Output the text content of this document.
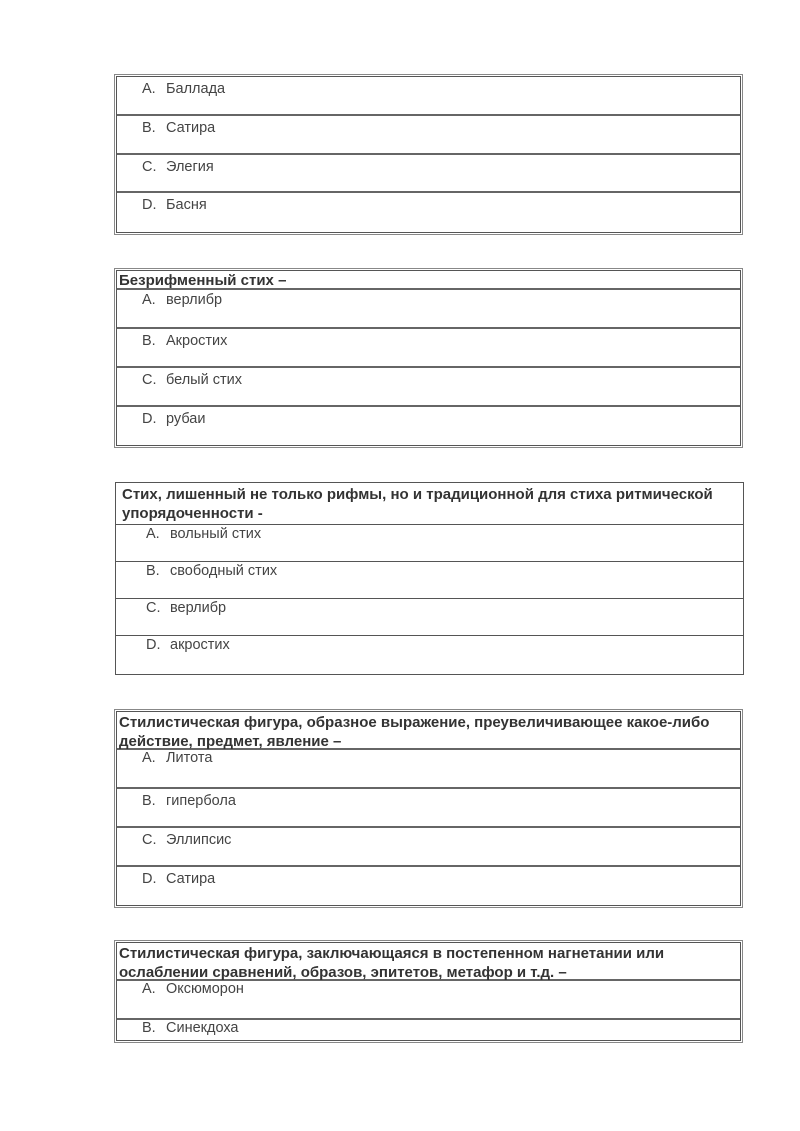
A. Баллада
B. Сатира
C. Элегия
D. Басня
Безрифменный стих –
A. верлибр
B. Акростих
C. белый стих
D. рубаи
Стих, лишенный не только рифмы, но и традиционной для стиха ритмической упорядоченности -
A. вольный стих
B. свободный стих
C. верлибр
D. акростих
Стилистическая фигура, образное выражение, преувеличивающее какое-либо действие, предмет, явление –
A. Литота
B. гипербола
C. Эллипсис
D. Сатира
Стилистическая фигура, заключающаяся в постепенном нагнетании или ослаблении сравнений, образов, эпитетов, метафор и т.д. –
A. Оксюморон
B. Синекдоха
